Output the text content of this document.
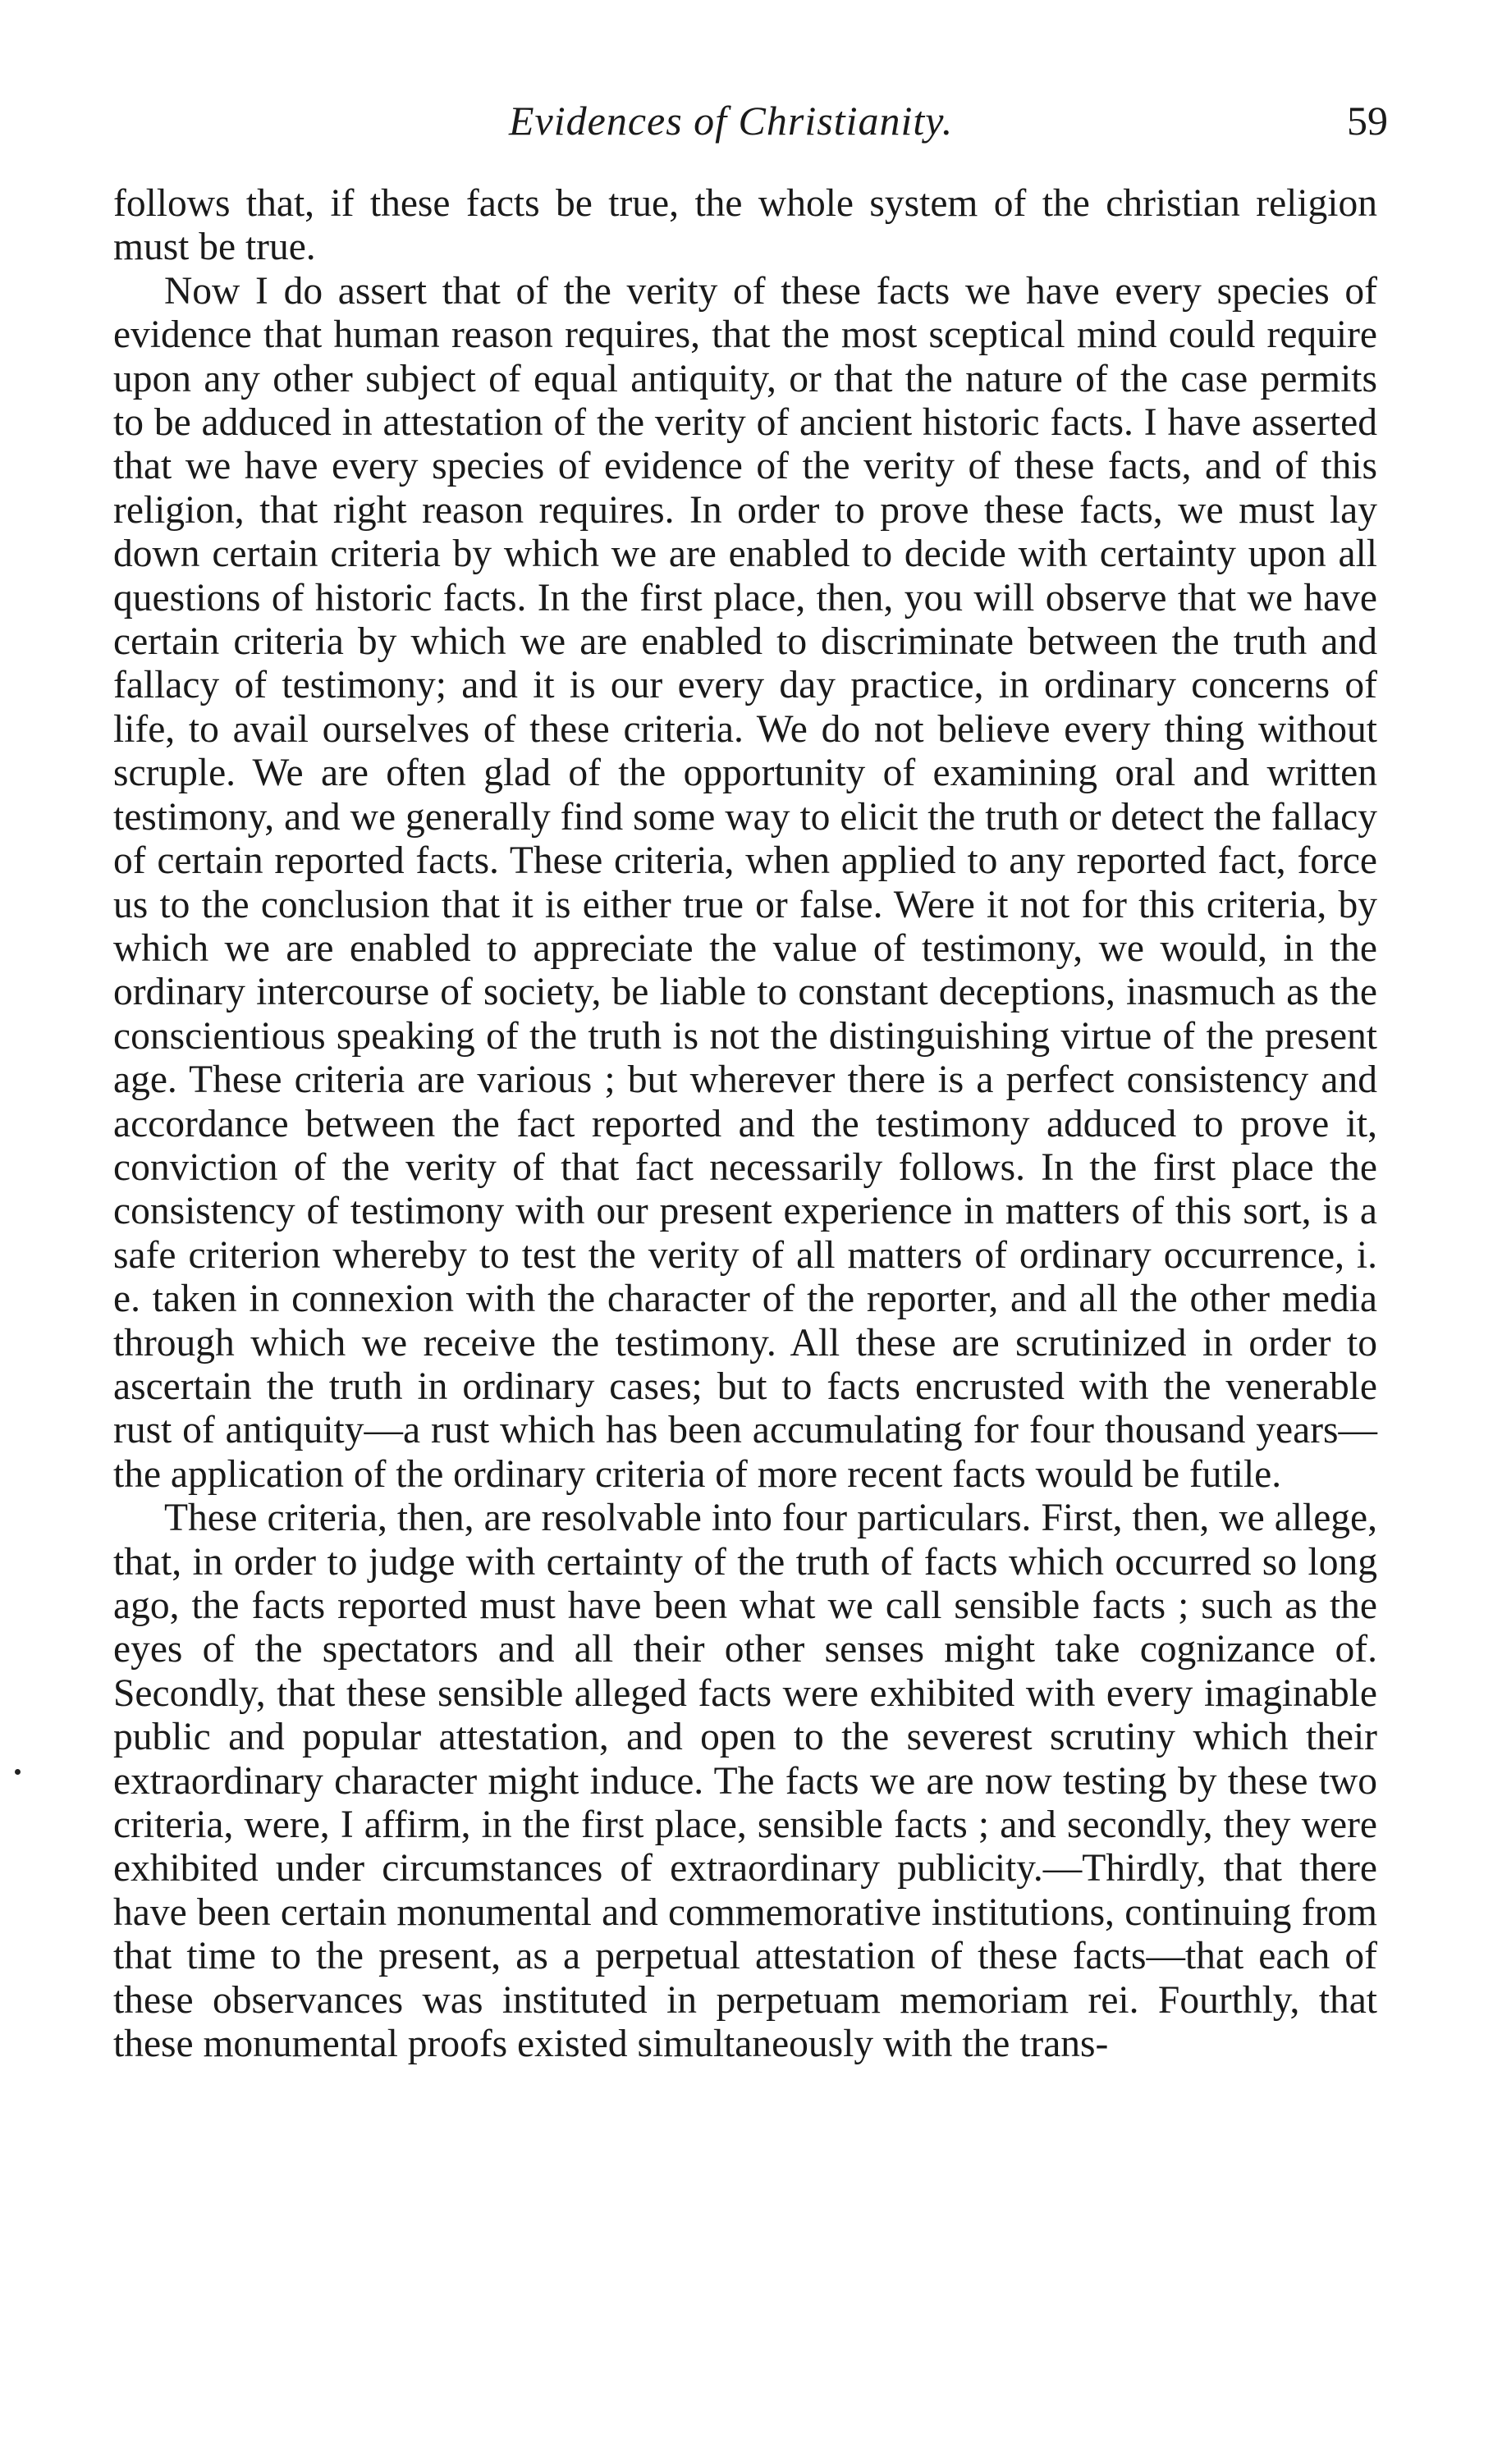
Evidences of Christianity.	59

follows that, if these facts be true, the whole system of the christian religion must be true.

Now I do assert that of the verity of these facts we have every species of evidence that human reason requires, that the most sceptical mind could require upon any other subject of equal antiquity, or that the nature of the case permits to be adduced in attestation of the verity of ancient historic facts. I have asserted that we have every species of evidence of the verity of these facts, and of this religion, that right reason requires. In order to prove these facts, we must lay down certain criteria by which we are enabled to decide with certainty upon all questions of historic facts. In the first place, then, you will observe that we have certain criteria by which we are enabled to discriminate between the truth and fallacy of testimony; and it is our every day practice, in ordinary concerns of life, to avail ourselves of these criteria. We do not believe every thing without scruple. We are often glad of the opportunity of examining oral and written testimony, and we generally find some way to elicit the truth or detect the fallacy of certain reported facts. These criteria, when applied to any reported fact, force us to the conclusion that it is either true or false. Were it not for this criteria, by which we are enabled to appreciate the value of testimony, we would, in the ordinary intercourse of society, be liable to constant deceptions, inasmuch as the conscientious speaking of the truth is not the distinguishing virtue of the present age. These criteria are various ; but wherever there is a perfect consistency and accordance between the fact reported and the testimony adduced to prove it, conviction of the verity of that fact necessarily follows. In the first place the consistency of testimony with our present experience in matters of this sort, is a safe criterion whereby to test the verity of all matters of ordinary occurrence, i. e. taken in connexion with the character of the reporter, and all the other media through which we receive the testimony. All these are scrutinized in order to ascertain the truth in ordinary cases; but to facts encrusted with the venerable rust of antiquity—a rust which has been accumulating for four thousand years—the application of the ordinary criteria of more recent facts would be futile.

These criteria, then, are resolvable into four particulars. First, then, we allege, that, in order to judge with certainty of the truth of facts which occurred so long ago, the facts reported must have been what we call sensible facts ; such as the eyes of the spectators and all their other senses might take cognizance of. Secondly, that these sensible alleged facts were exhibited with every imaginable public and popular attestation, and open to the severest scrutiny which their extraordinary character might induce. The facts we are now testing by these two criteria, were, I affirm, in the first place, sensible facts ; and secondly, they were exhibited under circumstances of extraordinary publicity.—Thirdly, that there have been certain monumental and commemorative institutions, continuing from that time to the present, as a perpetual attestation of these facts—that each of these observances was instituted in perpetuam memoriam rei. Fourthly, that these monumental proofs existed simultaneously with the trans-
